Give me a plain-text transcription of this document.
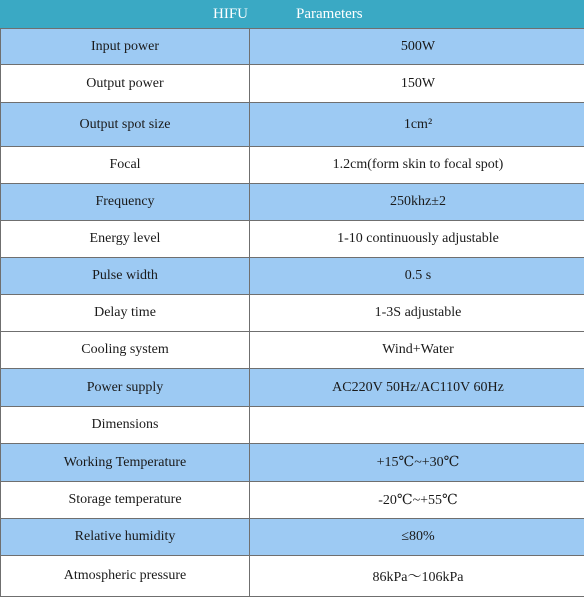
HIFU	Parameters
Input power	500W
Output power	150W
Output spot size	1cm²
Focal	1.2cm(form skin to focal spot)
Frequency	250khz±2
Energy level	1-10 continuously adjustable
Pulse width	0.5 s
Delay time	1-3S adjustable
Cooling system	Wind+Water
Power supply	AC220V 50Hz/AC110V 60Hz
Dimensions	
Working Temperature	+15℃~+30℃
Storage temperature	-20℃~+55℃
Relative humidity	≤80%
Atmospheric pressure	86kPa～106kPa
